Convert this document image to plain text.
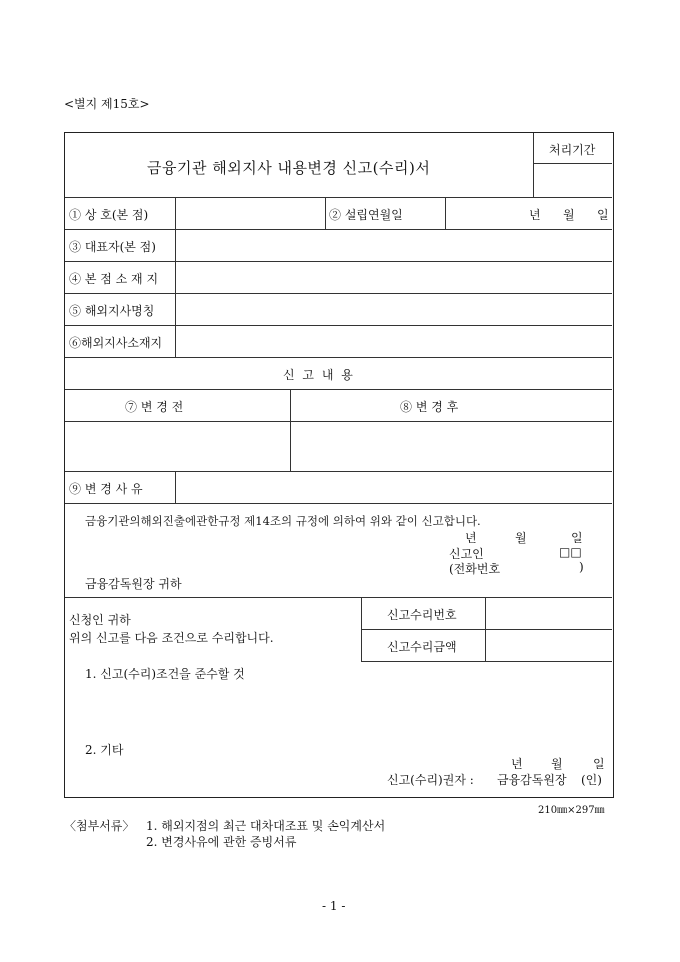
<별지 제15호>
금융기관 해외지사 내용변경 신고(수리)서
처리기간
① 상 호(본 점)	② 설립연월일	년 월 일
③ 대표자(본 점)
④ 본 점 소 재 지
⑤ 해외지사명칭
⑥해외지사소재지
신 고 내 용
⑦ 변 경 전	⑧ 변 경 후
⑨ 변 경 사 유
금융기관의해외진출에관한규정 제14조의 규정에 의하여 위와 같이 신고합니다.
년	월	일
신고인	□□
(전화번호	)
금융감독원장 귀하
신청인 귀하
위의 신고를 다음 조건으로 수리합니다.
신고수리번호
신고수리금액
1. 신고(수리)조건을 준수할 것
2. 기타
년 월	일
신고(수리)권자 : 금융감독원장 (인)
210㎜×297㎜
〈첨부서류〉 1. 해외지점의 최근 대차대조표 및 손익계산서
2. 변경사유에 관한 증빙서류
- 1 -
